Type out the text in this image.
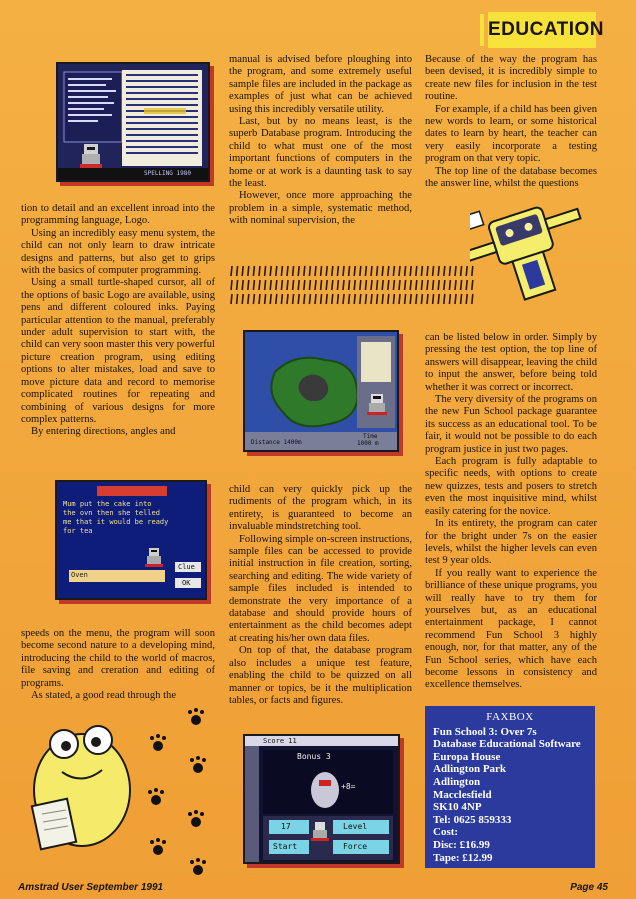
EDUCATION
SPELLING 1980

tion to detail and an excellent inroad into the programming language, Logo.

Using an incredibly easy menu system, the child can not only learn to draw intricate designs and patterns, but also get to grips with the basics of computer programming.

Using a small turtle-shaped cursor, all of the options of basic Logo are available, using pens and different coloured inks. Paying particular attention to the manual, preferably under adult supervision to start with, the child can very soon master this very powerful picture creation program, using editing options to alter mistakes, load and save to move picture data and record to memorise complicated routines for repeating and combining of various designs for more complex patterns.

By entering directions, angles and

Mum put the cake into
the ovn then she telled
me that it would be ready
for tea
Oven
Clue
OK

speeds on the menu, the program will soon become second nature to a developing mind, introducing the child to the world of macros, file saving and creration and editing of programs.

As stated, a good read through the

manual is advised before ploughing into the program, and some extremely useful sample files are included in the package as examples of just what can be achieved using this incredibly versatile utility.

Last, but by no means least, is the superb Database program. Introducing the child to what must one of the most important functions of computers in the home or at work is a daunting task to say the least.

However, once more approaching the problem in a simple, systematic method, with nominal supervision, the

Distance 1400m
Time
1000 m

child can very quickly pick up the rudiments of the program which, in its entirety, is guaranteed to become an invaluable mindstretching tool.

Following simple on-screen instructions, sample files can be accessed to provide initial instruction in file creation, sorting, searching and editing. The wide variety of sample files included is intended to demonstrate the very importance of a database and should provide hours of entertainment as the child becomes adept at creating his/her own data files.

On top of that, the database program also includes a unique test feature, enabling the child to be quizzed on all manner or topics, be it the multiplication tables, or facts and figures.

Score 11
Bonus 3
+8=
17	Level
Start	Force

Because of the way the program has been devised, it is incredibly simple to create new files for inclusion in the test routine.

For example, if a child has been given new words to learn, or some historical dates to learn by heart, the teacher can very easily incorporate a testing program on that very topic.

The top line of the database becomes the answer line, whilst the questions

can be listed below in order. Simply by pressing the test option, the top line of answers will disappear, leaving the child to input the answer, before being told whether it was correct or incorrect.

The very diversity of the programs on the new Fun School package guarantee its success as an educational tool. To be fair, it would not be possible to do each program justice in just two pages.

Each program is fully adaptable to specific needs, with options to create new quizzes, tests and posers to stretch even the most inquisitive mind, whilst easily catering for the novice.

In its entirety, the program can cater for the bright under 7s on the easier levels, whilst the higher levels can even test 9 year olds.

If you really want to experience the brilliance of these unique programs, you will really have to try them for yourselves but, as an educational entertainment package, I cannot recommend Fun School 3 highly enough, nor, for that matter, any of the Fun School series, which have each become lessons in consistency and excellence themselves.

FAXBOX
Fun School 3: Over 7s
Database Educational Software
Europa House
Adlington Park
Adlington
Macclesfield
SK10 4NP
Tel: 0625 859333
Cost:
Disc: £16.99
Tape: £12.99
Amstrad User September 1991	Page 45
